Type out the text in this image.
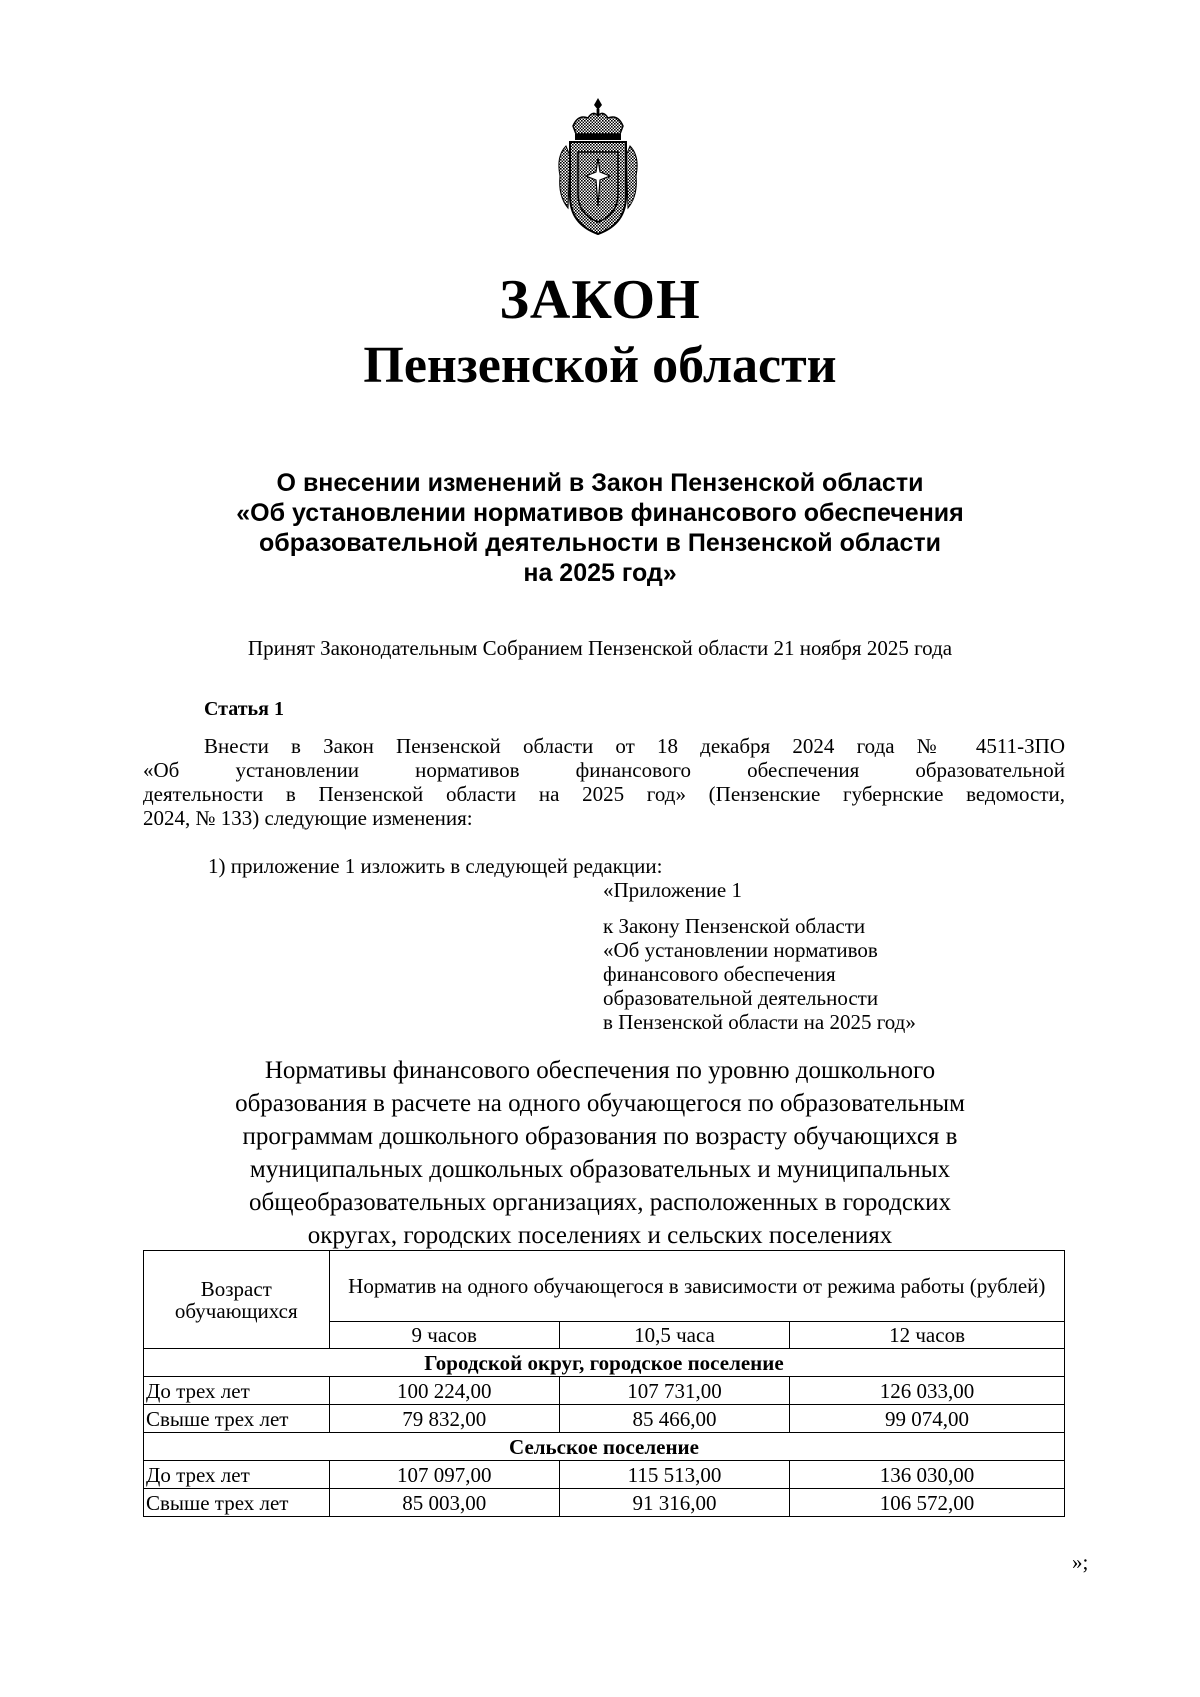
ЗАКОН
Пензенской области
О внесении изменений в Закон Пензенской области
«Об установлении нормативов финансового обеспечения
образовательной деятельности в Пензенской области
на 2025 год»
Принят Законодательным Собранием Пензенской области 21 ноября 2025 года
Статья 1
Внести в Закон Пензенской области от 18 декабря 2024 года № 4511-ЗПО
«Об установлении нормативов финансового обеспечения образовательной
деятельности в Пензенской области на 2025 год» (Пензенские губернские ведомости,
2024, № 133) следующие изменения:
1) приложение 1 изложить в следующей редакции:
«Приложение 1
к Закону Пензенской области
«Об установлении нормативов
финансового обеспечения
образовательной деятельности
в Пензенской области на 2025 год»
Нормативы финансового обеспечения по уровню дошкольного
образования в расчете на одного обучающегося по образовательным
программам дошкольного образования по возрасту обучающихся в
муниципальных дошкольных образовательных и муниципальных
общеобразовательных организациях, расположенных в городских
округах, городских поселениях и сельских поселениях
Возраст обучающихся	Норматив на одного обучающегося в зависимости от режима работы (рублей)		
	9 часов	10,5 часа	12 часов
Городской округ, городское поселение			
До трех лет	100 224,00	107 731,00	126 033,00
Свыше трех лет	79 832,00	85 466,00	99 074,00
Сельское поселение			
До трех лет	107 097,00	115 513,00	136 030,00
Свыше трех лет	85 003,00	91 316,00	106 572,00
»;
